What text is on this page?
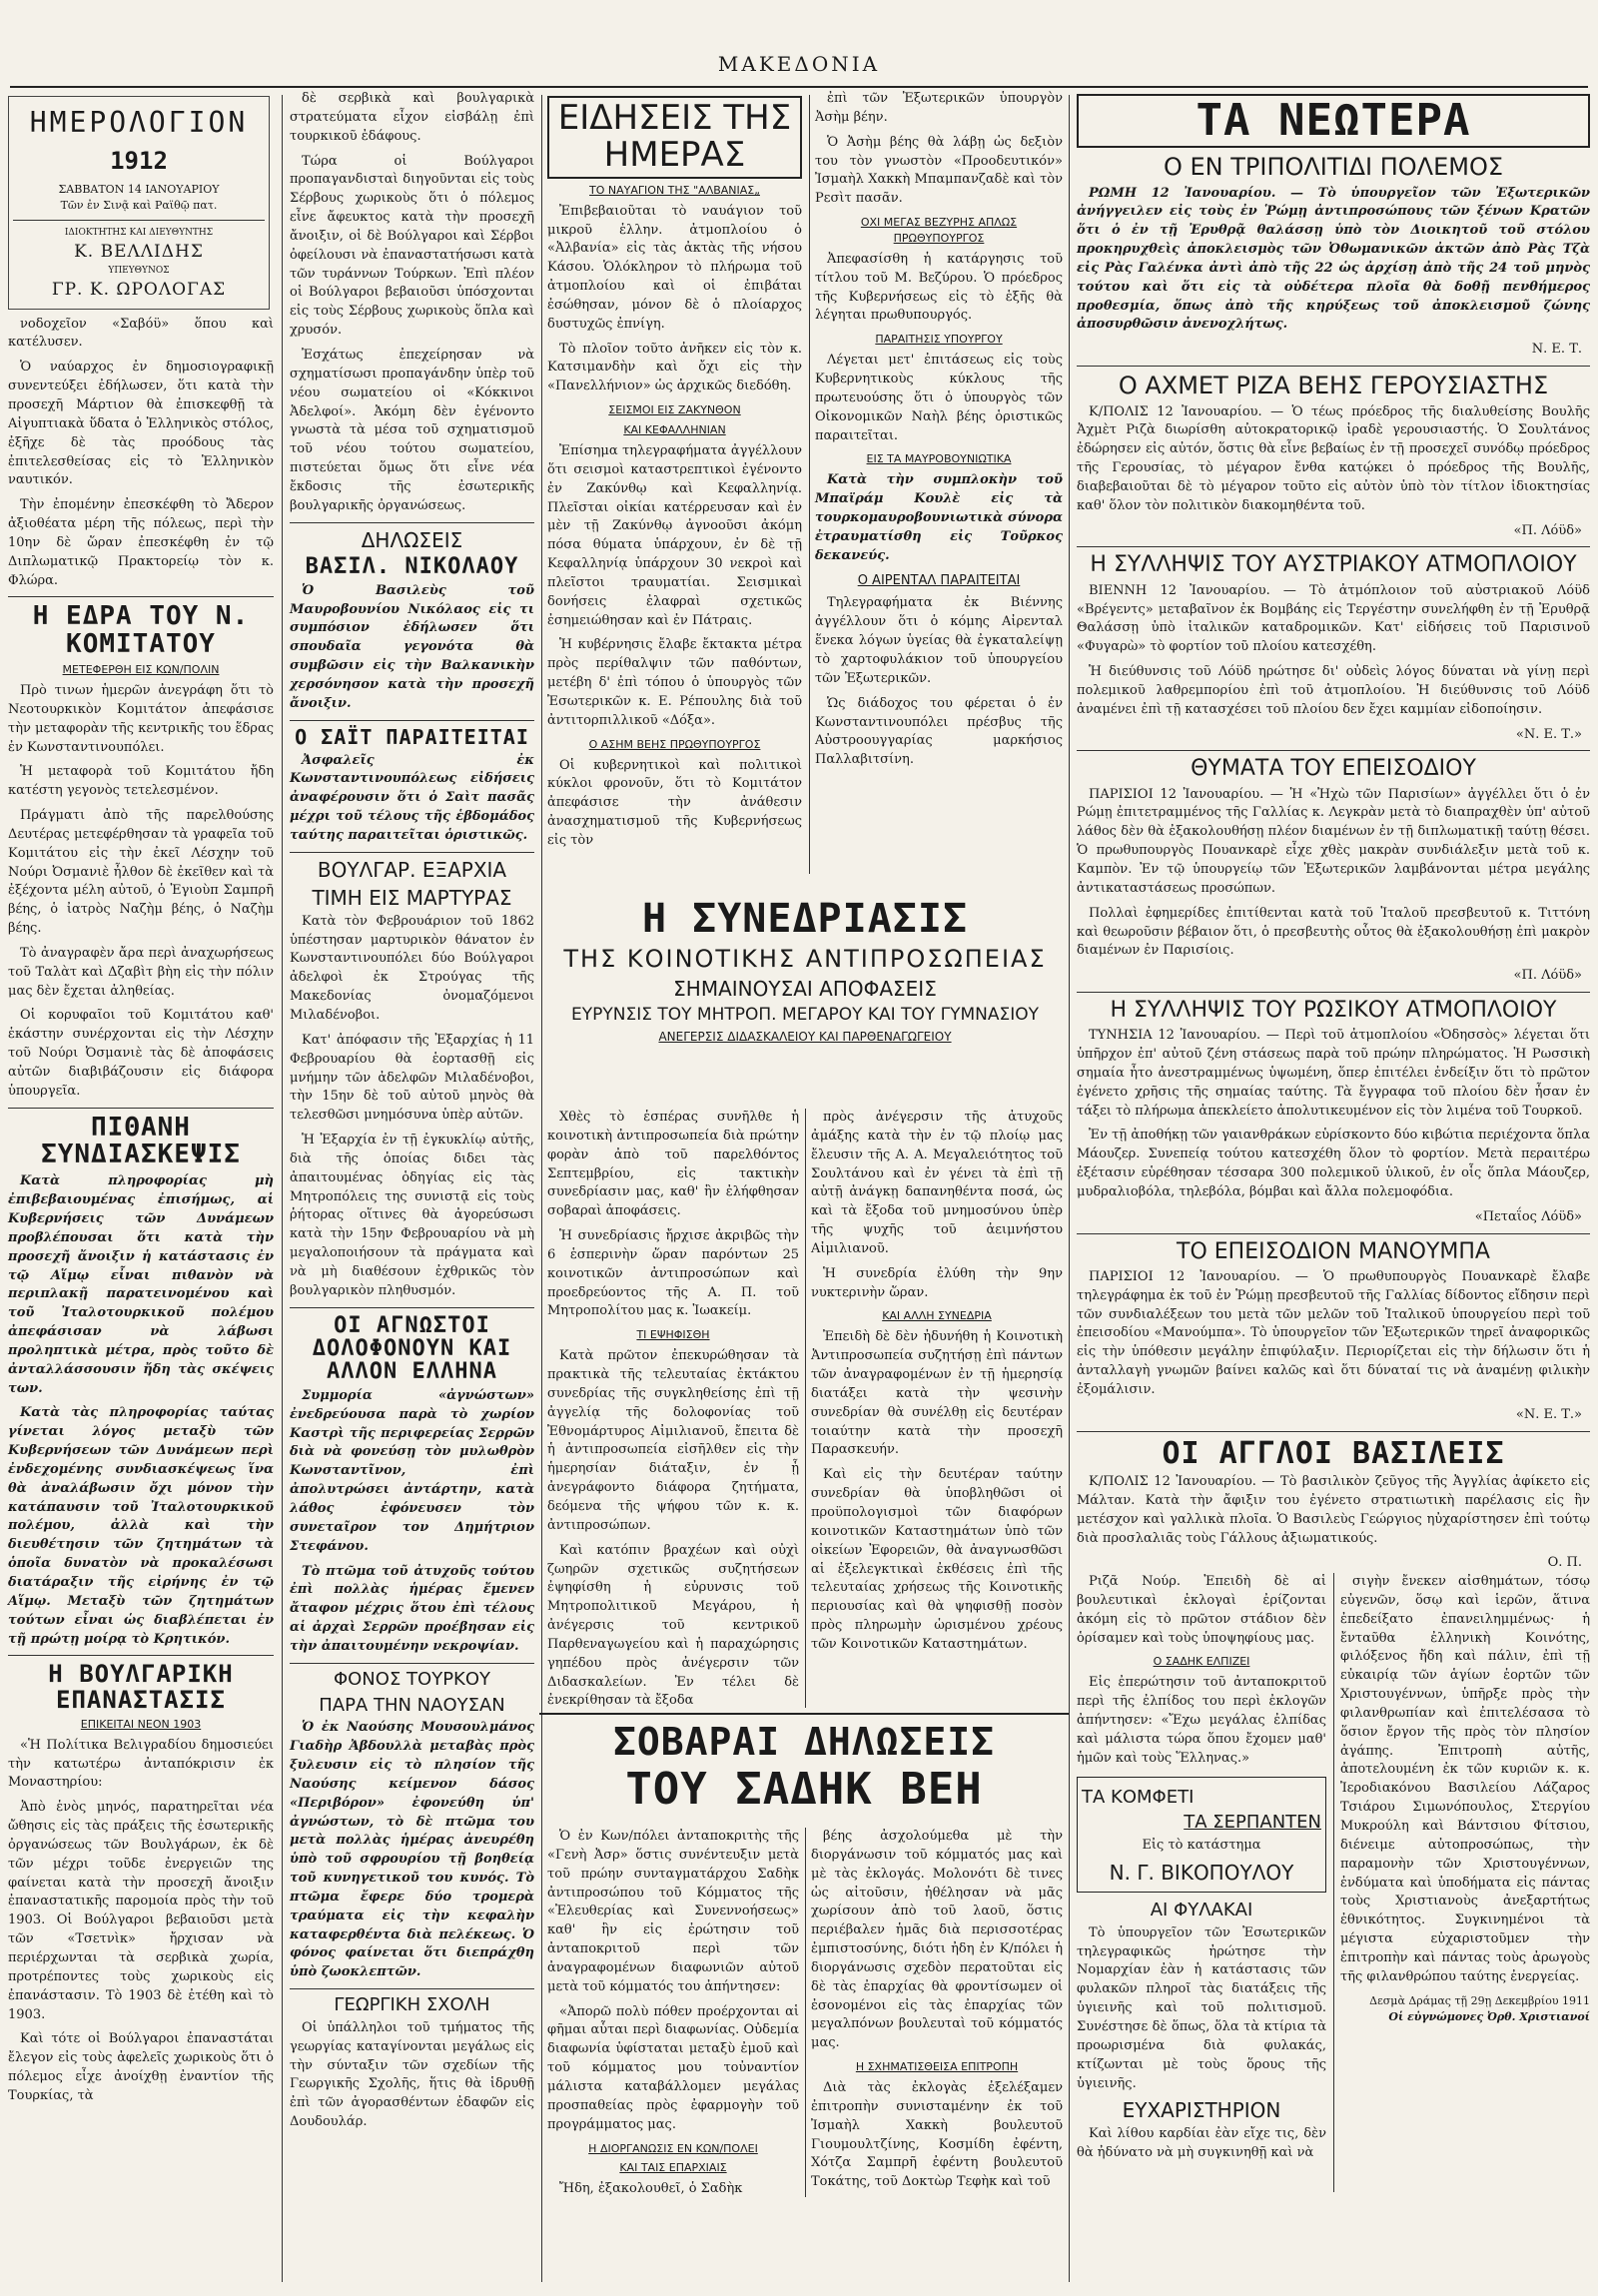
ΜΑΚΕΔΟΝΙΑ
ΗΜΕΡΟΛΟΓΙΟΝ
1912
ΣΑΒΒΑΤΟΝ 14 ΙΑΝΟΥΑΡΙΟΥ
Τῶν ἐν Σινᾷ καὶ Ραϊθῷ πατ.
ΙΔΙΟΚΤΗΤΗΣ ΚΑΙ ΔΙΕΥΘΥΝΤΗΣ
Κ. ΒΕΛΛΙΔΗΣ
ΥΠΕΥΘΥΝΟΣ
ΓΡ. Κ. ΩΡΟΛΟΓΑΣ

νοδοχεῖον «Σαβόϋ» ὅπου καὶ κατέλυσεν.

Ὁ ναύαρχος ἐν δημοσιογραφικῇ συνεντεύξει ἐδήλωσεν, ὅτι κατὰ τὴν προσεχῆ Μάρτιον θὰ ἐπισκεφθῇ τὰ Αἰγυπτιακὰ ὕδατα ὁ Ἑλληνικὸς στόλος, ἐξῆχε δὲ τὰς προόδους τὰς ἐπιτελεσθείσας εἰς τὸ Ἑλληνικὸν ναυτικόν.

Τὴν ἐπομένην ἐπεσκέφθη τὸ Ἄδερον ἀξιοθέατα μέρη τῆς πόλεως, περὶ τὴν 10ην δὲ ὥραν ἐπεσκέφθη ἐν τῷ Διπλωματικῷ Πρακτορείῳ τὸν κ. Φλώρα.

Η ΕΔΡΑ ΤΟΥ Ν. ΚΟΜΙΤΑΤΟΥ
ΜΕΤΕΦΕΡΘΗ ΕΙΣ ΚΩΝ/ΠΟΛΙΝ

Πρὸ τινων ἡμερῶν ἀνεγράφη ὅτι τὸ Νεοτουρκικὸν Κομιτάτον ἀπεφάσισε τὴν μεταφορὰν τῆς κεντρικῆς του ἕδρας ἐν Κωνσταντινουπόλει.

Ἡ μεταφορὰ τοῦ Κομιτάτου ἤδη κατέστη γεγονὸς τετελεσμένον.

Πράγματι ἀπὸ τῆς παρελθούσης Δευτέρας μετεφέρθησαν τὰ γραφεῖα τοῦ Κομιτάτου εἰς τὴν ἐκεῖ Λέσχην τοῦ Νούρι Ὀσμανιὲ ἦλθον δὲ ἐκεῖθεν καὶ τὰ ἐξέχοντα μέλη αὐτοῦ, ὁ Ἐγιοὺπ Σαμπρῆ βέης, ὁ ἰατρὸς Ναζὴμ βέης, ὁ Ναζὴμ βέης.

Τὸ ἀναγραφὲν ἄρα περὶ ἀναχωρήσεως τοῦ Ταλὰτ καὶ Δζαβὶτ βὴη εἰς τὴν πόλιν μας δὲν ἔχεται ἀληθείας.

Οἱ κορυφαῖοι τοῦ Κομιτάτου καθ' ἑκάστην συνέρχονται εἰς τὴν Λέσχην τοῦ Νούρι Ὀσμανιὲ τὰς δὲ ἀποφάσεις αὐτῶν διαβιβάζουσιν εἰς διάφορα ὑπουργεῖα.

ΠΙΘΑΝΗ ΣΥΝΔΙΑΣΚΕΨΙΣ

Κατὰ πληροφορίας μὴ ἐπιβεβαιουμένας ἐπισήμως, αἱ Κυβερνήσεις τῶν Δυνάμεων προβλέπουσαι ὅτι κατὰ τὴν προσεχῆ ἄνοιξιν ἡ κατάστασις ἐν τῷ Αἵμῳ εἶναι πιθανὸν νὰ περιπλακῇ παρατεινομένου καὶ τοῦ Ἰταλοτουρκικοῦ πολέμου ἀπεφάσισαν νὰ λάβωσι προληπτικὰ μέτρα, πρὸς τοῦτο δὲ ἀνταλλάσσουσιν ἤδη τὰς σκέψεις των.

Κατὰ τὰς πληροφορίας ταύτας γίνεται λόγος μεταξὺ τῶν Κυβερνήσεων τῶν Δυνάμεων περὶ ἐνδεχομένης συνδιασκέψεως ἵνα θὰ ἀναλάβωσιν ὄχι μόνον τὴν κατάπαυσιν τοῦ Ἰταλοτουρκικοῦ πολέμου, ἀλλὰ καὶ τὴν διευθέτησιν τῶν ζητημάτων τὰ ὁποῖα δυνατὸν νὰ προκαλέσωσι διατάραξιν τῆς εἰρήνης ἐν τῷ Αἵμῳ. Μεταξὺ τῶν ζητημάτων τούτων εἶναι ὡς διαβλέπεται ἐν τῇ πρώτῃ μοίρᾳ τὸ Κρητικόν.

Η ΒΟΥΛΓΑΡΙΚΗ ΕΠΑΝΑΣΤΑΣΙΣ
ΕΠΙΚΕΙΤΑΙ ΝΕΟΝ 1903

«Ἡ Πολίτικα Βελιγραδίου δημοσιεύει τὴν κατωτέρω ἀνταπόκρισιν ἐκ Μοναστηρίου:

Ἀπὸ ἑνὸς μηνός, παρατηρεῖται νέα ὤθησις εἰς τὰς πράξεις τῆς ἐσωτερικῆς ὀργανώσεως τῶν Βουλγάρων, ἐκ δὲ τῶν μέχρι τοῦδε ἐνεργειῶν της φαίνεται κατὰ τὴν προσεχῆ ἄνοιξιν ἐπαναστατικῆς παρομοία πρὸς τὴν τοῦ 1903. Οἱ Βούλγαροι βεβαιοῦσι μετὰ τῶν «Τσετνὶκ» ἤρχισαν νὰ περιέρχωνται τὰ σερβικὰ χωρία, προτρέποντες τοὺς χωρικοὺς εἰς ἐπανάστασιν. Τὸ 1903 δὲ ἐτέθη καὶ τὸ 1903.

Καὶ τότε οἱ Βούλγαροι ἐπαναστάται ἔλεγον εἰς τοὺς ἀφελεῖς χωρικοὺς ὅτι ὁ πόλεμος εἶχε ἀνοίχθῃ ἐναντίον τῆς Τουρκίας, τὰ

δὲ σερβικὰ καὶ βουλγαρικὰ στρατεύματα εἶχον εἰσβάλῃ ἐπὶ τουρκικοῦ ἐδάφους.

Τώρα οἱ Βούλγαροι προπαγανδισταὶ διηγοῦνται εἰς τοὺς Σέρβους χωρικοὺς ὅτι ὁ πόλεμος εἶνε ἄφευκτος κατὰ τὴν προσεχῆ ἄνοιξιν, οἱ δὲ Βούλγαροι καὶ Σέρβοι ὀφείλουσι νὰ ἐπαναστατήσωσι κατὰ τῶν τυράννων Τούρκων. Ἐπὶ πλέον οἱ Βούλγαροι βεβαιοῦσι ὑπόσχονται εἰς τοὺς Σέρβους χωρικοὺς ὅπλα καὶ χρυσόν.

Ἐσχάτως ἐπεχείρησαν νὰ σχηματίσωσι προπαγάνδην ὑπὲρ τοῦ νέου σωματείου οἱ «Κόκκινοι Ἀδελφοί». Ἀκόμη δὲν ἐγένοντο γνωστὰ τὰ μέσα τοῦ σχηματισμοῦ τοῦ νέου τούτου σωματείου, πιστεύεται ὅμως ὅτι εἶνε νέα ἔκδοσις τῆς ἐσωτερικῆς βουλγαρικῆς ὀργανώσεως.

ΔΗΛΩΣΕΙΣ
ΒΑΣΙΛ. ΝΙΚΟΛΑΟΥ

Ὁ Βασιλεὺς τοῦ Μαυροβουνίου Νικόλαος εἰς τι συμπόσιον ἐδήλωσεν ὅτι σπουδαῖα γεγονότα θὰ συμβῶσιν εἰς τὴν Βαλκανικὴν χερσόνησον κατὰ τὴν προσεχῆ ἄνοιξιν.

Ο ΣΑΪΤ ΠΑΡΑΙΤΕΙΤΑΙ

Ἀσφαλεῖς ἐκ Κωνσταντινουπόλεως εἰδήσεις ἀναφέρουσιν ὅτι ὁ Σαὶτ πασᾶς μέχρι τοῦ τέλους τῆς ἑβδομάδος ταύτης παραιτεῖται ὁριστικῶς.

ΒΟΥΛΓΑΡ. ΕΞΑΡΧΙΑ
ΤΙΜΗ ΕΙΣ ΜΑΡΤΥΡΑΣ

Κατὰ τὸν Φεβρουάριον τοῦ 1862 ὑπέστησαν μαρτυρικὸν θάνατον ἐν Κωνσταντινουπόλει δύο Βούλγαροι ἀδελφοὶ ἐκ Στρούγας τῆς Μακεδονίας ὀνομαζόμενοι Μιλαδένοβοι.

Κατ' ἀπόφασιν τῆς Ἐξαρχίας ἡ 11 Φεβρουαρίου θὰ ἑορτασθῇ εἰς μνήμην τῶν ἀδελφῶν Μιλαδένοβοι, τὴν 15ην δὲ τοῦ αὐτοῦ μηνὸς θὰ τελεσθῶσι μνημόσυνα ὑπὲρ αὐτῶν.

Ἡ Ἐξαρχία ἐν τῇ ἐγκυκλίῳ αὐτῆς, διὰ τῆς ὁποίας διδει τὰς ἀπαιτουμένας ὁδηγίας εἰς τὰς Μητροπόλεις της συνιστᾷ εἰς τοὺς ῥήτορας οἵτινες θὰ ἀγορεύσωσι κατὰ τὴν 15ην Φεβρουαρίου νὰ μὴ μεγαλοποιήσουν τὰ πράγματα καὶ νὰ μὴ διαθέσουν ἐχθρικῶς τὸν βουλγαρικὸν πληθυσμόν.

ΟΙ ΑΓΝΩΣΤΟΙ ΔΟΛΟΦΟΝΟΥΝ ΚΑΙ ΑΛΛΟΝ ΕΛΛΗΝΑ

Συμμορία «ἀγνώστων» ἐνεδρεύουσα παρὰ τὸ χωρίον Καστρὶ τῆς περιφερείας Σερρῶν διὰ νὰ φονεύσῃ τὸν μυλωθρὸν Κωνσταντῖνον, ἐπὶ ἀπολυτρώσει ἀντάρτην, κατὰ λάθος ἐφόνευσεν τὸν συνεταῖρον τον Δημήτριον Στεφάνου.

Τὸ πτῶμα τοῦ ἀτυχοῦς τούτου ἐπὶ πολλὰς ἡμέρας ἔμενεν ἄταφον μέχρις ὅτου ἐπὶ τέλους αἱ ἀρχαὶ Σερρῶν προέβησαν εἰς τὴν ἀπαιτουμένην νεκροψίαν.

ΦΟΝΟΣ ΤΟΥΡΚΟΥ
ΠΑΡΑ ΤΗΝ ΝΑΟΥΣΑΝ

Ὁ ἐκ Ναούσης Μουσουλμάνος Γιαδὴρ Ἀβδουλλὰ μεταβὰς πρὸς ξυλευσιν εἰς τὸ πλησίον τῆς Ναούσης κείμενον δάσος «Περιβόρον» ἐφονεύθη ὑπ' ἀγνώστων, τὸ δὲ πτῶμα του μετὰ πολλὰς ἡμέρας ἀνευρέθη ὑπὸ τοῦ σφρουρίου τῇ βοηθείᾳ τοῦ κυνηγετικοῦ του κυνός. Τὸ πτῶμα ἔφερε δύο τρομερὰ τραύματα εἰς τὴν κεφαλὴν καταφερθέντα διὰ πελέκεως. Ὁ φόνος φαίνεται ὅτι διεπράχθη ὑπὸ ζωοκλεπτῶν.

ΓΕΩΡΓΙΚΗ ΣΧΟΛΗ

Οἱ ὑπάλληλοι τοῦ τμήματος τῆς γεωργίας καταγίνονται μεγάλως εἰς τὴν σύνταξιν τῶν σχεδίων τῆς Γεωργικῆς Σχολῆς, ἥτις θὰ ἱδρυθῇ ἐπὶ τῶν ἀγορασθέντων ἐδαφῶν εἰς Δουδουλάρ.

ΕΙΔΗΣΕΙΣ ΤΗΣ ΗΜΕΡΑΣ
ΤΟ ΝΑΥΑΓΙΟΝ ΤΗΣ "ΑΛΒΑΝΙΑΣ„

Ἐπιβεβαιοῦται τὸ ναυάγιον τοῦ μικροῦ ἑλλην. ἀτμοπλοίου ὁ «Ἀλβανία» εἰς τὰς ἀκτὰς τῆς νήσου Κάσου. Ὁλόκληρον τὸ πλήρωμα τοῦ ἀτμοπλοίου καὶ οἱ ἐπιβάται ἐσώθησαν, μόνον δὲ ὁ πλοίαρχος δυστυχῶς ἐπνίγη.

Τὸ πλοῖον τοῦτο ἀνῆκεν εἰς τὸν κ. Κατσιμανδὴν καὶ ὄχι εἰς τὴν «Πανελλήνιον» ὡς ἀρχικῶς διεδόθη.

ΣΕΙΣΜΟΙ ΕΙΣ ΖΑΚΥΝΘΟΝ
ΚΑΙ ΚΕΦΑΛΛΗΝΙΑΝ

Ἐπίσημα τηλεγραφήματα ἀγγέλλουν ὅτι σεισμοὶ καταστρεπτικοὶ ἐγένοντο ἐν Ζακύνθῳ καὶ Κεφαλληνίᾳ. Πλεῖσται οἰκίαι κατέρρευσαν καὶ ἐν μὲν τῇ Ζακύνθῳ ἀγνοοῦσι ἀκόμη πόσα θύματα ὑπάρχουν, ἐν δὲ τῇ Κεφαλληνίᾳ ὑπάρχουν 30 νεκροὶ καὶ πλεῖστοι τραυματίαι. Σεισμικαὶ δονήσεις ἐλαφραὶ σχετικῶς ἐσημειώθησαν καὶ ἐν Πάτραις.

Ἡ κυβέρνησις ἔλαβε ἔκτακτα μέτρα πρὸς περίθαλψιν τῶν παθόντων, μετέβη δ' ἐπὶ τόπου ὁ ὑπουργὸς τῶν Ἐσωτερικῶν κ. Ε. Ρέπουλης διὰ τοῦ ἀντιτορπιλλικοῦ «Δόξα».

Ο ΑΣΗΜ ΒΕΗΣ ΠΡΩΘΥΠΟΥΡΓΟΣ

Οἱ κυβερνητικοὶ καὶ πολιτικοὶ κύκλοι φρονοῦν, ὅτι τὸ Κομιτάτον ἀπεφάσισε τὴν ἀνάθεσιν ἀνασχηματισμοῦ τῆς Κυβερνήσεως εἰς τὸν

ἐπὶ τῶν Ἐξωτερικῶν ὑπουργὸν Ἀσὴμ βέην.

Ὁ Ἀσὴμ βέης θὰ λάβῃ ὡς δεξιὸν του τὸν γνωστὸν «Προοδευτικόν» Ἰσμαὴλ Χακκὴ Μπαμπανζαδὲ καὶ τὸν Ρεσὶτ πασᾶν.

ΟΧΙ ΜΕΓΑΣ ΒΕΖΥΡΗΣ ΑΠΛΩΣ ΠΡΩΘΥΠΟΥΡΓΟΣ

Ἀπεφασίσθη ἡ κατάργησις τοῦ τίτλου τοῦ Μ. Βεζύρου. Ὁ πρόεδρος τῆς Κυβερνήσεως εἰς τὸ ἑξῆς θὰ λέγηται πρωθυπουργός.

ΠΑΡΑΙΤΗΣΙΣ ΥΠΟΥΡΓΟΥ

Λέγεται μετ' ἐπιτάσεως εἰς τοὺς Κυβερνητικοὺς κύκλους τῆς πρωτευούσης ὅτι ὁ ὑπουργὸς τῶν Οἰκονομικῶν Ναὴλ βέης ὁριστικῶς παραιτεῖται.

ΕΙΣ ΤΑ ΜΑΥΡΟΒΟΥΝΙΩΤΙΚΑ

Κατὰ τὴν συμπλοκὴν τοῦ Μπαϊράμ Κουλὲ εἰς τὰ τουρκομαυροβουνιωτικὰ σύνορα ἐτραυματίσθη εἰς Τοῦρκος δεκανεύς.

Ο ΑΙΡΕΝΤΑΛ ΠΑΡΑΙΤΕΙΤΑΙ

Τηλεγραφήματα ἐκ Βιέννης ἀγγέλλουν ὅτι ὁ κόμης Αἰρενταλ ἕνεκα λόγων ὑγείας θὰ ἐγκαταλείψῃ τὸ χαρτοφυλάκιον τοῦ ὑπουργείου τῶν Ἐξωτερικῶν.

Ὡς διάδοχος του φέρεται ὁ ἐν Κωνσταντινουπόλει πρέσβυς τῆς Αὐστροουγγαρίας μαρκήσιος Παλλαβιτσίνη.

Η ΣΥΝΕΔΡΙΑΣΙΣ
ΤΗΣ ΚΟΙΝΟΤΙΚΗΣ ΑΝΤΙΠΡΟΣΩΠΕΙΑΣ
ΣΗΜΑΙΝΟΥΣΑΙ ΑΠΟΦΑΣΕΙΣ
ΕΥΡΥΝΣΙΣ ΤΟΥ ΜΗΤΡΟΠ. ΜΕΓΑΡΟΥ ΚΑΙ ΤΟΥ ΓΥΜΝΑΣΙΟΥ
ΑΝΕΓΕΡΣΙΣ ΔΙΔΑΣΚΑΛΕΙΟΥ ΚΑΙ ΠΑΡΘΕΝΑΓΩΓΕΙΟΥ

Χθὲς τὸ ἑσπέρας συνῆλθε ἡ κοινοτικὴ ἀντιπροσωπεία διὰ πρώτην φορὰν ἀπὸ τοῦ παρελθόντος Σεπτεμβρίου, εἰς τακτικὴν συνεδρίασιν μας, καθ' ἣν ἐλήφθησαν σοβαραὶ ἀποφάσεις.

Ἡ συνεδρίασις ἤρχισε ἀκριβῶς τὴν 6 ἑσπερινὴν ὥραν παρόντων 25 κοινοτικῶν ἀντιπροσώπων καὶ προεδρεύοντος τῆς Α. Π. τοῦ Μητροπολίτου μας κ. Ἰωακείμ.

ΤΙ ΕΨΗΦΙΣΘΗ

Κατὰ πρῶτον ἐπεκυρώθησαν τὰ πρακτικὰ τῆς τελευταίας ἐκτάκτου συνεδρίας τῆς συγκληθείσης ἐπὶ τῇ ἀγγελίᾳ τῆς δολοφονίας τοῦ Ἐθνομάρτυρος Αἰμιλιανοῦ, ἔπειτα δὲ ἡ ἀντιπροσωπεία εἰσῆλθεν εἰς τὴν ἡμερησίαν διάταξιν, ἐν ᾗ ἀνεγράφοντο διάφορα ζητήματα, δεόμενα τῆς ψήφου τῶν κ. κ. ἀντιπροσώπων.

Καὶ κατόπιν βραχέων καὶ οὐχὶ ζωηρῶν σχετικῶς συζητήσεων ἐψηφίσθη ἡ εὐρυνσις τοῦ Μητροπολιτικοῦ Μεγάρου, ἡ ἀνέγερσις τοῦ κεντρικοῦ Παρθεναγωγείου καὶ ἡ παραχώρησις γηπέδου πρὸς ἀνέγερσιν τῶν Διδασκαλείων. Ἐν τέλει δὲ ἐνεκρίθησαν τὰ ἔξοδα

πρὸς ἀνέγερσιν τῆς ἀτυχοῦς ἀμάξης κατὰ τὴν ἐν τῷ πλοίῳ μας ἔλευσιν τῆς Α. Α. Μεγαλειότητος τοῦ Σουλτάνου καὶ ἐν γένει τὰ ἐπὶ τῇ αὐτῇ ἀνάγκῃ δαπανηθέντα ποσά, ὡς καὶ τὰ ἔξοδα τοῦ μνημοσύνου ὑπὲρ τῆς ψυχῆς τοῦ ἀειμνήστου Αἰμιλιανοῦ.

Ἡ συνεδρία ἐλύθη τὴν 9ην νυκτερινὴν ὥραν.

ΚΑΙ ΑΛΛΗ ΣΥΝΕΔΡΙΑ

Ἐπειδὴ δὲ δὲν ἠδυνήθη ἡ Κοινοτικὴ Ἀντιπροσωπεία συζητήσῃ ἐπὶ πάντων τῶν ἀναγραφομένων ἐν τῇ ἡμερησίᾳ διατάξει κατὰ τὴν ψεσινὴν συνεδρίαν θὰ συνέλθῃ εἰς δευτέραν τοιαύτην κατὰ τὴν προσεχῆ Παρασκευήν.

Καὶ εἰς τὴν δευτέραν ταύτην συνεδρίαν θὰ ὑποβληθῶσι οἱ προϋπολογισμοὶ τῶν διαφόρων κοινοτικῶν Καταστημάτων ὑπὸ τῶν οἰκείων Ἐφορειῶν, θὰ ἀναγνωσθῶσι αἱ ἐξελεγκτικαὶ ἐκθέσεις ἐπὶ τῆς τελευταίας χρήσεως τῆς Κοινοτικῆς περιουσίας καὶ θὰ ψηφισθῇ ποσὸν πρὸς πληρωμὴν ὡρισμένου χρέους τῶν Κοινοτικῶν Καταστημάτων.

ΣΟΒΑΡΑΙ ΔΗΛΩΣΕΙΣ
ΤΟΥ ΣΑΔΗΚ ΒΕΗ

Ὁ ἐν Κων/πόλει ἀνταποκριτὴς τῆς «Γενὴ Ἀσρ» ὅστις συνέντευξιν μετὰ τοῦ πρώην συνταγματάρχου Σαδὴκ ἀντιπροσώπου τοῦ Κόμματος τῆς «Ἐλευθερίας καὶ Συνεννοήσεως» καθ' ἣν εἰς ἐρώτησιν τοῦ ἀνταποκριτοῦ περὶ τῶν ἀναγραφομένων διαφωνιῶν αὐτοῦ μετὰ τοῦ κόμματός του ἀπήντησεν:

«Ἀπορῶ πολὺ πόθεν προέρχονται αἱ φῆμαι αὗται περὶ διαφωνίας. Οὐδεμία διαφωνία ὑφίσταται μεταξὺ ἐμοῦ καὶ τοῦ κόμματος μου τοὐναντίον μάλιστα καταβάλλομεν μεγάλας προσπαθείας πρὸς ἐφαρμογὴν τοῦ προγράμματος μας.

Η ΔΙΟΡΓΑΝΩΣΙΣ ΕΝ ΚΩΝ/ΠΟΛΕΙ
ΚΑΙ ΤΑΙΣ ΕΠΑΡΧΙΑΙΣ

Ἤδη, ἐξακολουθεῖ, ὁ Σαδὴκ

βέης ἀσχολούμεθα μὲ τὴν διοργάνωσιν τοῦ κόμματός μας καὶ μὲ τὰς ἐκλογάς. Μολονότι δὲ τινες ὡς αἰτοῦσιν, ἠθέλησαν νὰ μᾶς χωρίσουν ἀπὸ τοῦ λαοῦ, ὅστις περιέβαλεν ἡμᾶς διὰ περισσοτέρας ἐμπιστοσύνης, διότι ἠδη ἐν Κ/πόλει ἡ διοργάνωσις σχεδὸν περατοῦται εἰς δὲ τὰς ἐπαρχίας θὰ φροντίσωμεν οἱ ἐσονομένοι εἰς τὰς ἐπαρχίας τῶν μεγαλπόνων βουλευταὶ τοῦ κόμματός μας.

Η ΣΧΗΜΑΤΙΣΘΕΙΣΑ ΕΠΙΤΡΟΠΗ

Διὰ τὰς ἐκλογὰς ἐξελέξαμεν ἐπιτροπὴν συνισταμένην ἐκ τοῦ Ἰσμαὴλ Χακκὴ βουλευτοῦ Γιουμουλτζίνης, Κοσμίδη ἐφέντη, Χότζα Σαμπρῆ ἐφέντη βουλευτοῦ Τοκάτης, τοῦ Δοκτὼρ Τεφὴκ καὶ τοῦ

ΤΑ ΝΕΩΤΕΡΑ
Ο ΕΝ ΤΡΙΠΟΛΙΤΙΔΙ ΠΟΛΕΜΟΣ

ΡΩΜΗ 12 Ἰανουαρίου. — Τὸ ὑπουργεῖον τῶν Ἐξωτερικῶν ἀνήγγειλεν εἰς τοὺς ἐν Ῥώμῃ ἀντιπροσώπους τῶν ξένων Κρατῶν ὅτι ὁ ἐν τῇ Ἐρυθρᾷ θαλάσσῃ ὑπὸ τὸν Διοικητοῦ τοῦ στόλου προκηρυχθεὶς ἀποκλεισμὸς τῶν Ὀθωμανικῶν ἀκτῶν ἀπὸ Ρὰς Τζὰ εἰς Ρὰς Γαλένκα ἀντὶ ἀπὸ τῆς 22 ὡς ἀρχίσῃ ἀπὸ τῆς 24 τοῦ μηνὸς τούτου καὶ ὅτι εἰς τὰ οὐδέτερα πλοῖα θὰ δοθῇ πενθήμερος προθεσμία, ὅπως ἀπὸ τῆς κηρύξεως τοῦ ἀποκλεισμοῦ ζώνης ἀποσυρθῶσιν ἀνενοχλήτως.

Ν. Ε. Τ.
Ο ΑΧΜΕΤ ΡΙΖΑ ΒΕΗΣ ΓΕΡΟΥΣΙΑΣΤΗΣ

Κ/ΠΟΛΙΣ 12 Ἰανουαρίου. — Ὁ τέως πρόεδρος τῆς διαλυθείσης Βουλῆς Ἀχμὲτ Ριζὰ διωρίσθη αὐτοκρατορικῷ ἰραδὲ γερουσιαστής. Ὁ Σουλτάνος ἐδώρησεν εἰς αὐτόν, ὅστις θὰ εἶνε βεβαίως ἐν τῇ προσεχεῖ συνόδῳ πρόεδρος τῆς Γερουσίας, τὸ μέγαρον ἔνθα κατῴκει ὁ πρόεδρος τῆς Βουλῆς, διαβεβαιοῦται δὲ τὸ μέγαρον τοῦτο εἰς αὐτὸν ὑπὸ τὸν τίτλον ἰδιοκτησίας καθ' ὅλον τὸν πολιτικὸν διακομηθέντα τοῦ.

«Π. Λόϋδ»
Η ΣΥΛΛΗΨΙΣ ΤΟΥ ΑΥΣΤΡΙΑΚΟΥ ΑΤΜΟΠΛΟΙΟΥ

ΒΙΕΝΝΗ 12 Ἰανουαρίου. — Τὸ ἀτμόπλοιον τοῦ αὐστριακοῦ Λόϋδ «Βρέγεντς» μεταβαῖνον ἐκ Βομβάης εἰς Τεργέστην συνελήφθη ἐν τῇ Ἐρυθρᾷ Θαλάσσῃ ὑπὸ ἰταλικῶν καταδρομικῶν. Κατ' εἰδήσεις τοῦ Παρισινοῦ «Φυγαρὼ» τὸ φορτίον τοῦ πλοίου κατεσχέθη.

Ἡ διεύθυνσις τοῦ Λόϋδ ηρώτησε δι' οὐδεὶς λόγος δύναται νὰ γίνῃ περὶ πολεμικοῦ λαθρεμπορίου ἐπὶ τοῦ ἀτμοπλοίου. Ἡ διεύθυνσις τοῦ Λόϋδ ἀναμένει ἐπὶ τῇ κατασχέσει τοῦ πλοίου δεν ἔχει καμμίαν εἰδοποίησιν.

«Ν. Ε. Τ.»
ΘΥΜΑΤΑ ΤΟΥ ΕΠΕΙΣΟΔΙΟΥ

ΠΑΡΙΣΙΟΙ 12 Ἰανουαρίου. — Ἡ «Ἠχὼ τῶν Παρισίων» ἀγγέλλει ὅτι ὁ ἐν Ρώμῃ ἐπιτετραμμένος τῆς Γαλλίας κ. Λεγκρὰν μετὰ τὸ διαπραχθὲν ὑπ' αὐτοῦ λάθος δὲν θὰ ἐξακολουθήσῃ πλέον διαμένων ἐν τῇ διπλωματικῇ ταύτῃ θέσει. Ὁ πρωθυπουργὸς Πουανκαρὲ εἶχε χθὲς μακρὰν συνδιάλεξιν μετὰ τοῦ κ. Καμπὸν. Ἐν τῷ ὑπουργείῳ τῶν Ἐξωτερικῶν λαμβάνονται μέτρα μεγάλης ἀντικαταστάσεως προσώπων.

Πολλαὶ ἐφημερίδες ἐπιτίθενται κατὰ τοῦ Ἰταλοῦ πρεσβευτοῦ κ. Τιττόνη καὶ θεωροῦσιν βέβαιον ὅτι, ὁ πρεσβευτὴς οὗτος θὰ ἐξακολουθήσῃ ἐπὶ μακρὸν διαμένων ἐν Παρισίοις.

«Π. Λόϋδ»
Η ΣΥΛΛΗΨΙΣ ΤΟΥ ΡΩΣΙΚΟΥ ΑΤΜΟΠΛΟΙΟΥ

ΤΥΝΗΣΙΑ 12 Ἰανουαρίου. — Περὶ τοῦ ἀτμοπλοίου «Ὀδησσὸς» λέγεται ὅτι ὑπῆρχον ἐπ' αὐτοῦ ζένη στάσεως παρὰ τοῦ πρώην πληρώματος. Ἡ Ρωσσικὴ σημαία ἦτο ἀνεστραμμένως ὑψωμένη, ὅπερ ἐπιτέλει ἐνδείξιν ὅτι τὸ πρῶτον ἐγένετο χρῆσις τῆς σημαίας ταύτης. Τὰ ἔγγραφα τοῦ πλοίου δὲν ἦσαν ἐν τάξει τὸ πλήρωμα ἀπεκλείετο ἀπολυτικευμένον εἰς τὸν λιμένα τοῦ Τουρκοῦ.

Ἐν τῇ ἀποθήκῃ τῶν γαιανθράκων εὑρίσκοντο δύο κιβώτια περιέχοντα ὅπλα Μάουζερ. Συνεπείᾳ τούτου κατεσχέθη ὅλον τὸ φορτίον. Μετὰ περαιτέρω ἐξέτασιν εὑρέθησαν τέσσαρα 300 πολεμικοῦ ὑλικοῦ, ἐν οἷς ὅπλα Μάουζερ, μυδραλιοβόλα, τηλεβόλα, βόμβαι καὶ ἄλλα πολεμοφόδια.

«Πεταΐος Λόϋδ»
ΤΟ ΕΠΕΙΣΟΔΙΟΝ ΜΑΝΟΥΜΠΑ

ΠΑΡΙΣΙΟΙ 12 Ἰανουαρίου. — Ὁ πρωθυπουργὸς Πουανκαρὲ ἔλαβε τηλεγράφημα ἐκ τοῦ ἐν Ῥώμῃ πρεσβευτοῦ τῆς Γαλλίας δίδοντος εἴδησιν περὶ τῶν συνδιαλέξεων του μετὰ τῶν μελῶν τοῦ Ἰταλικοῦ ὑπουργείου περὶ τοῦ ἐπεισοδίου «Μανούμπα». Τὸ ὑπουργεῖον τῶν Ἐξωτερικῶν τηρεῖ ἀναφορικῶς εἰς τὴν ὑπόθεσιν μεγάλην ἐπιφύλαξιν. Περιορίζεται εἰς τὴν δήλωσιν ὅτι ἡ ἀνταλλαγὴ γνωμῶν βαίνει καλῶς καὶ ὅτι δύναταί τις νὰ ἀναμένῃ φιλικὴν ἐξομάλισιν.

«Ν. Ε. Τ.»
ΟΙ ΑΓΓΛΟΙ ΒΑΣΙΛΕΙΣ

Κ/ΠΟΛΙΣ 12 Ἰανουαρίου. — Τὸ βασιλικὸν ζεῦγος τῆς Ἀγγλίας ἀφίκετο εἰς Μάλταν. Κατὰ τὴν ἄφιξιν του ἐγένετο στρατιωτικὴ παρέλασις εἰς ἣν μετέσχον καὶ γαλλικὰ πλοῖα. Ὁ Βασιλεὺς Γεώργιος ηὐχαρίστησεν ἐπὶ τούτῳ διὰ προσλαλιᾶς τοὺς Γάλλους ἀξιωματικούς.

Ο. Π.

Ριζᾶ Νούρ. Ἐπειδὴ δὲ αἱ βουλευτικαὶ ἐκλογαὶ ἐρίζονται ἀκόμη εἰς τὸ πρῶτον στάδιον δὲν ὁρίσαμεν καὶ τοὺς ὑποψηφίους μας.

Ο ΣΑΔΗΚ ΕΛΠΙΖΕΙ

Εἰς ἐπερώτησιν τοῦ ἀνταποκριτοῦ περὶ τῆς ἐλπίδος του περὶ ἐκλογῶν ἀπήντησεν: «Ἔχω μεγάλας ἐλπίδας καὶ μάλιστα τώρα ὅπου ἔχομεν μαθ' ἡμῶν καὶ τοὺς Ἕλληνας.»

ΤΑ ΚΟΜΦΕΤΙ
ΤΑ ΣΕΡΠΑΝΤΕΝ
Εἰς τὸ κατάστημα
Ν. Γ. ΒΙΚΟΠΟΥΛΟΥ
ΑΙ ΦΥΛΑΚΑΙ

Τὸ ὑπουργεῖον τῶν Ἐσωτερικῶν τηλεγραφικῶς ἠρώτησε τὴν Νομαρχίαν ἐὰν ἡ κατάστασις τῶν φυλακῶν πληροῖ τὰς διατάξεις τῆς ὑγιεινῆς καὶ τοῦ πολιτισμοῦ. Συνέστησε δὲ ὅπως, ὅλα τὰ κτίρια τὰ προωρισμένα διὰ φυλακάς, κτίζωνται μὲ τοὺς ὅρους τῆς ὑγιεινῆς.

ΕΥΧΑΡΙΣΤΗΡΙΟΝ

Καὶ λίθου καρδίαι ἐὰν εἴχε τις, δὲν θὰ ἠδύνατο νὰ μὴ συγκινηθῇ καὶ νὰ

σιγὴν ἔνεκεν αἰσθημάτων, τόσῳ εὐγενῶν, ὅσῳ καὶ ἱερῶν, ἅτινα ἐπεδείξατο ἐπανειλημμένως· ἡ ἔνταῦθα ἐλληνικὴ Κοινότης, φιλόξενος ἤδη καὶ πάλιν, ἐπὶ τῇ εὐκαιρίᾳ τῶν ἁγίων ἑορτῶν τῶν Χριστουγέννων, ὑπῆρξε πρὸς τὴν φιλανθρωπίαν καὶ ἐπιτελέσασα τὸ ὅσιον ἔργον τῆς πρὸς τὸν πλησίον ἀγάπης. Ἐπιτροπὴ αὐτῆς, ἀποτελουμένη ἐκ τῶν κυριῶν κ. κ. Ἰεροδιακόνου Βασιλείου Λάζαρος Τσιάρου Σιμωνόπουλος, Στεργίου Μυκρούλη καὶ Βάντσιου Φίτσιου, διένειμε αὐτοπροσώπως, τὴν παραμονὴν τῶν Χριστουγέννων, ἐνδύματα καὶ ὑποδήματα εἰς πάντας τοὺς Χριστιανοὺς ἀνεξαρτήτως ἐθνικότητος. Συγκινημένοι τὰ μέγιστα εὐχαριστοῦμεν τὴν ἐπιτροπὴν καὶ πάντας τοὺς ἀρωγοὺς τῆς φιλανθρώπου ταύτης ἐνεργείας.

Δεσμὰ Δράμας τῇ 29ῃ Δεκεμβρίου 1911
Οἱ εὐγνώμονες Ὀρθ. Χριστιανοί
